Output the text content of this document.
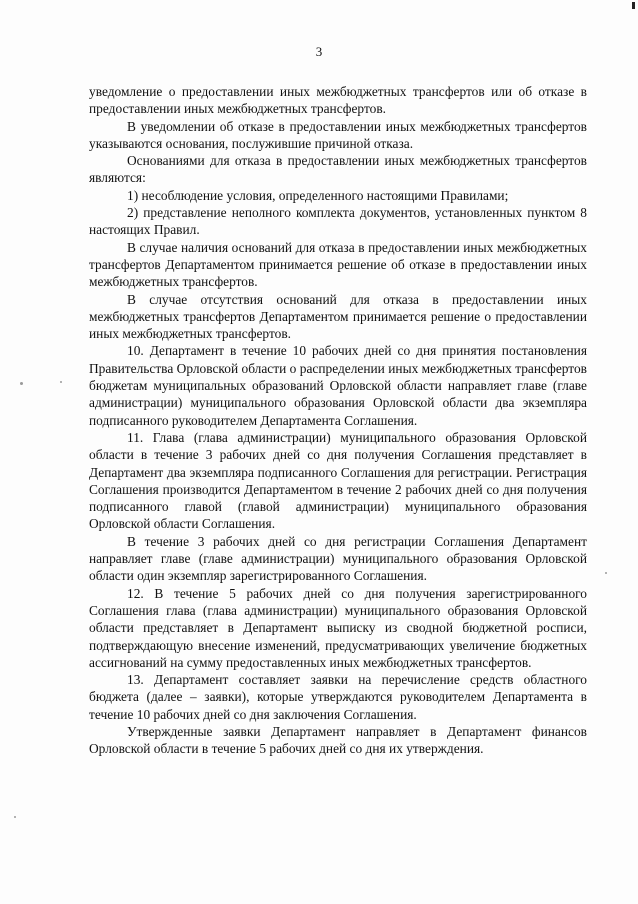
3

уведомление о предоставлении иных межбюджетных трансфертов или об отказе в предоставлении иных межбюджетных трансфертов.

В уведомлении об отказе в предоставлении иных межбюджетных трансфертов указываются основания, послужившие причиной отказа.

Основаниями для отказа в предоставлении иных межбюджетных трансфертов являются:

1) несоблюдение условия, определенного настоящими Правилами;

2) представление неполного комплекта документов, установленных пунктом 8 настоящих Правил.

В случае наличия оснований для отказа в предоставлении иных межбюджетных трансфертов Департаментом принимается решение об отказе в предоставлении иных межбюджетных трансфертов.

В случае отсутствия оснований для отказа в предоставлении иных межбюджетных трансфертов Департаментом принимается решение о предоставлении иных межбюджетных трансфертов.

10. Департамент в течение 10 рабочих дней со дня принятия постановления Правительства Орловской области о распределении иных межбюджетных трансфертов бюджетам муниципальных образований Орловской области направляет главе (главе администрации) муниципального образования Орловской области два экземпляра подписанного руководителем Департамента Соглашения.

11. Глава (глава администрации) муниципального образования Орловской области в течение 3 рабочих дней со дня получения Соглашения представляет в Департамент два экземпляра подписанного Соглашения для регистрации. Регистрация Соглашения производится Департаментом в течение 2 рабочих дней со дня получения подписанного главой (главой администрации) муниципального образования Орловской области Соглашения.

В течение 3 рабочих дней со дня регистрации Соглашения Департамент направляет главе (главе администрации) муниципального образования Орловской области один экземпляр зарегистрированного Соглашения.

12. В течение 5 рабочих дней со дня получения зарегистрированного Соглашения глава (глава администрации) муниципального образования Орловской области представляет в Департамент выписку из сводной бюджетной росписи, подтверждающую внесение изменений, предусматривающих увеличение бюджетных ассигнований на сумму предоставленных иных межбюджетных трансфертов.

13. Департамент составляет заявки на перечисление средств областного бюджета (далее – заявки), которые утверждаются руководителем Департамента в течение 10 рабочих дней со дня заключения Соглашения.

Утвержденные заявки Департамент направляет в Департамент финансов Орловской области в течение 5 рабочих дней со дня их утверждения.
